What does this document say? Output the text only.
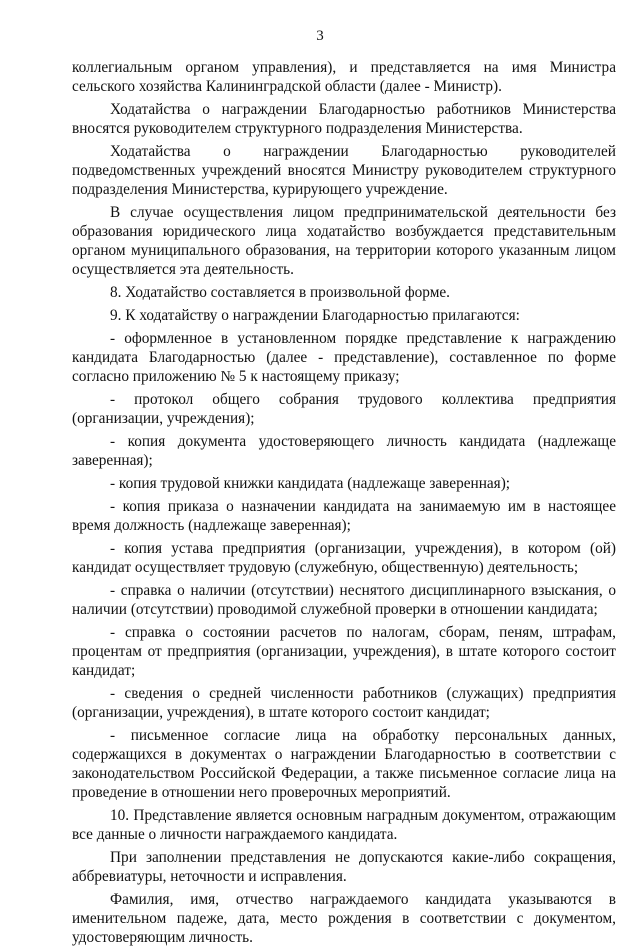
3

коллегиальным органом управления), и представляется на имя Министра сельского хозяйства Калининградской области (далее - Министр).

Ходатайства о награждении Благодарностью работников Министерства вносятся руководителем структурного подразделения Министерства.

Ходатайства о награждении Благодарностью руководителей подведомственных учреждений вносятся Министру руководителем структурного подразделения Министерства, курирующего учреждение.

В случае осуществления лицом предпринимательской деятельности без образования юридического лица ходатайство возбуждается представительным органом муниципального образования, на территории которого указанным лицом осуществляется эта деятельность.

8. Ходатайство составляется в произвольной форме.

9. К ходатайству о награждении Благодарностью прилагаются:

- оформленное в установленном порядке представление к награждению кандидата Благодарностью (далее - представление), составленное по форме согласно приложению № 5 к настоящему приказу;

- протокол общего собрания трудового коллектива предприятия (организации, учреждения);

- копия документа удостоверяющего личность кандидата (надлежаще заверенная);

- копия трудовой книжки кандидата (надлежаще заверенная);

- копия приказа о назначении кандидата на занимаемую им в настоящее время должность (надлежаще заверенная);

- копия устава предприятия (организации, учреждения), в котором (ой) кандидат осуществляет трудовую (служебную, общественную) деятельность;

- справка о наличии (отсутствии) неснятого дисциплинарного взыскания, о наличии (отсутствии) проводимой служебной проверки в отношении кандидата;

- справка о состоянии расчетов по налогам, сборам, пеням, штрафам, процентам от предприятия (организации, учреждения), в штате которого состоит кандидат;

- сведения о средней численности работников (служащих) предприятия (организации, учреждения), в штате которого состоит кандидат;

- письменное согласие лица на обработку персональных данных, содержащихся в документах о награждении Благодарностью в соответствии с законодательством Российской Федерации, а также письменное согласие лица на проведение в отношении него проверочных мероприятий.

10. Представление является основным наградным документом, отражающим все данные о личности награждаемого кандидата.

При заполнении представления не допускаются какие-либо сокращения, аббревиатуры, неточности и исправления.

Фамилия, имя, отчество награждаемого кандидата указываются в именительном падеже, дата, место рождения в соответствии с документом, удостоверяющим личность.
